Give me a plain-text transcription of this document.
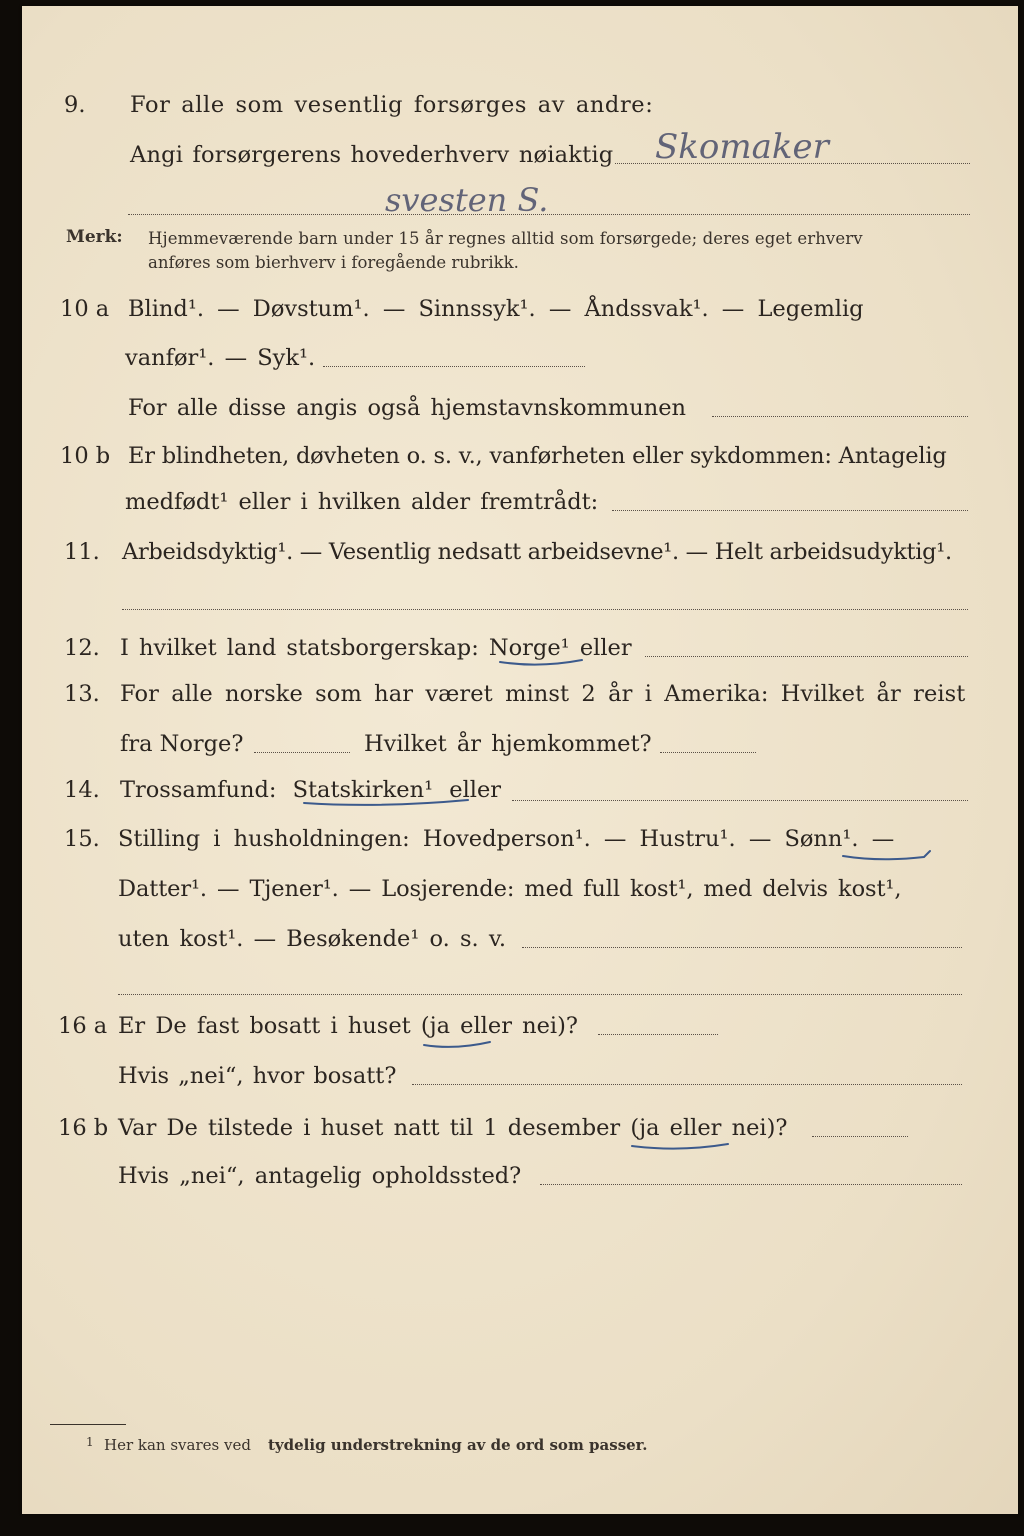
9. For alle som vesentlig forsørges av andre:
Angi forsørgerens hovederhverv nøiaktig Skomaker
svesten S.
Merk: Hjemmeværende barn under 15 år regnes alltid som forsørgede; deres eget erhverv
anføres som bierhverv i foregående rubrikk.
10 a Blind¹. — Døvstum¹. — Sinnssyk¹. — Åndssvak¹. — Legemlig
vanfør¹. — Syk¹.
For alle disse angis også hjemstavnskommunen
10 b Er blindheten, døvheten o. s. v., vanførheten eller sykdommen: Antagelig
medfødt¹ eller i hvilken alder fremtrådt:
11. Arbeidsdyktig¹. — Vesentlig nedsatt arbeidsevne¹. — Helt arbeidsudyktig¹.
12. I hvilket land statsborgerskap: Norge¹ eller
13. For alle norske som har været minst 2 år i Amerika: Hvilket år reist
fra Norge?	Hvilket år hjemkommet?
14. Trossamfund: Statskirken¹ eller
15. Stilling i husholdningen: Hovedperson¹. — Hustru¹. — Sønn¹. —
Datter¹. — Tjener¹. — Losjerende: med full kost¹, med delvis kost¹,
uten kost¹. — Besøkende¹ o. s. v.
16 a Er De fast bosatt i huset (ja eller nei)?
Hvis „nei“, hvor bosatt?
16 b Var De tilstede i huset natt til 1 desember (ja eller nei)?
Hvis „nei“, antagelig opholdssted?
1 Her kan svares ved tydelig understrekning av de ord som passer.
